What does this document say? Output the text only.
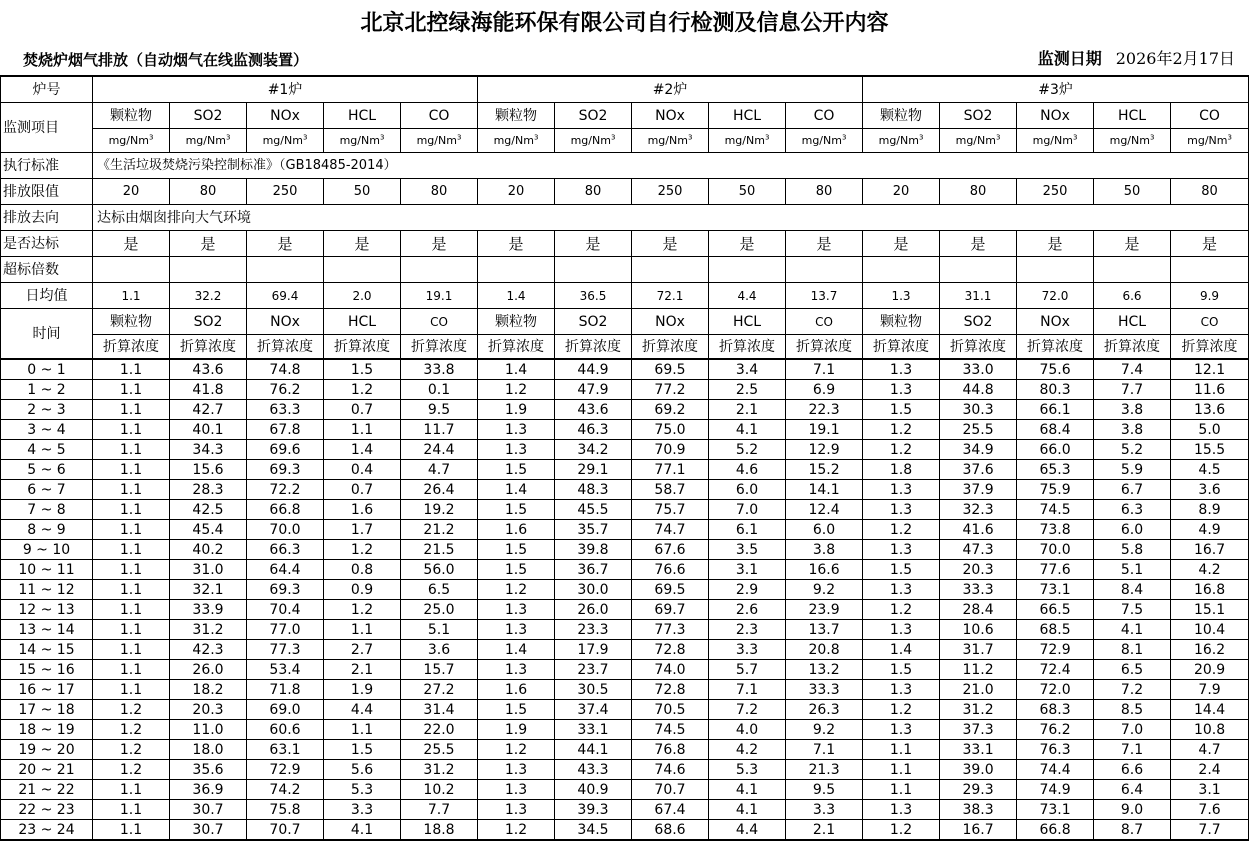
北京北控绿海能环保有限公司自行检测及信息公开内容
焚烧炉烟气排放（自动烟气在线监测装置）	监测日期 2026年2月17日
炉号	#1炉					#2炉					#3炉				
监测项目	颗粒物	SO2	NOx	HCL	CO	颗粒物	SO2	NOx	HCL	CO	颗粒物	SO2	NOx	HCL	CO
	mg/Nm$^3$	mg/Nm$^3$	mg/Nm$^3$	mg/Nm$^3$	mg/Nm$^3$	mg/Nm$^3$	mg/Nm$^3$	mg/Nm$^3$	mg/Nm$^3$	mg/Nm$^3$	mg/Nm$^3$	mg/Nm$^3$	mg/Nm$^3$	mg/Nm$^3$	mg/Nm$^3$
执行标准	《生活垃圾焚烧污染控制标准》（GB18485-2014）														
排放限值	20	80	250	50	80	20	80	250	50	80	20	80	250	50	80
排放去向	达标由烟囱排向大气环境														
是否达标	是	是	是	是	是	是	是	是	是	是	是	是	是	是	是
超标倍数															
日均值	1.1	32.2	69.4	2.0	19.1	1.4	36.5	72.1	4.4	13.7	1.3	31.1	72.0	6.6	9.9
时间	颗粒物	SO2	NOx	HCL	CO	颗粒物	SO2	NOx	HCL	CO	颗粒物	SO2	NOx	HCL	CO
	折算浓度	折算浓度	折算浓度	折算浓度	折算浓度	折算浓度	折算浓度	折算浓度	折算浓度	折算浓度	折算浓度	折算浓度	折算浓度	折算浓度	折算浓度
0 ~ 1	1.1	43.6	74.8	1.5	33.8	1.4	44.9	69.5	3.4	7.1	1.3	33.0	75.6	7.4	12.1
1 ~ 2	1.1	41.8	76.2	1.2	0.1	1.2	47.9	77.2	2.5	6.9	1.3	44.8	80.3	7.7	11.6
2 ~ 3	1.1	42.7	63.3	0.7	9.5	1.9	43.6	69.2	2.1	22.3	1.5	30.3	66.1	3.8	13.6
3 ~ 4	1.1	40.1	67.8	1.1	11.7	1.3	46.3	75.0	4.1	19.1	1.2	25.5	68.4	3.8	5.0
4 ~ 5	1.1	34.3	69.6	1.4	24.4	1.3	34.2	70.9	5.2	12.9	1.2	34.9	66.0	5.2	15.5
5 ~ 6	1.1	15.6	69.3	0.4	4.7	1.5	29.1	77.1	4.6	15.2	1.8	37.6	65.3	5.9	4.5
6 ~ 7	1.1	28.3	72.2	0.7	26.4	1.4	48.3	58.7	6.0	14.1	1.3	37.9	75.9	6.7	3.6
7 ~ 8	1.1	42.5	66.8	1.6	19.2	1.5	45.5	75.7	7.0	12.4	1.3	32.3	74.5	6.3	8.9
8 ~ 9	1.1	45.4	70.0	1.7	21.2	1.6	35.7	74.7	6.1	6.0	1.2	41.6	73.8	6.0	4.9
9 ~ 10	1.1	40.2	66.3	1.2	21.5	1.5	39.8	67.6	3.5	3.8	1.3	47.3	70.0	5.8	16.7
10 ~ 11	1.1	31.0	64.4	0.8	56.0	1.5	36.7	76.6	3.1	16.6	1.5	20.3	77.6	5.1	4.2
11 ~ 12	1.1	32.1	69.3	0.9	6.5	1.2	30.0	69.5	2.9	9.2	1.3	33.3	73.1	8.4	16.8
12 ~ 13	1.1	33.9	70.4	1.2	25.0	1.3	26.0	69.7	2.6	23.9	1.2	28.4	66.5	7.5	15.1
13 ~ 14	1.1	31.2	77.0	1.1	5.1	1.3	23.3	77.3	2.3	13.7	1.3	10.6	68.5	4.1	10.4
14 ~ 15	1.1	42.3	77.3	2.7	3.6	1.4	17.9	72.8	3.3	20.8	1.4	31.7	72.9	8.1	16.2
15 ~ 16	1.1	26.0	53.4	2.1	15.7	1.3	23.7	74.0	5.7	13.2	1.5	11.2	72.4	6.5	20.9
16 ~ 17	1.1	18.2	71.8	1.9	27.2	1.6	30.5	72.8	7.1	33.3	1.3	21.0	72.0	7.2	7.9
17 ~ 18	1.2	20.3	69.0	4.4	31.4	1.5	37.4	70.5	7.2	26.3	1.2	31.2	68.3	8.5	14.4
18 ~ 19	1.2	11.0	60.6	1.1	22.0	1.9	33.1	74.5	4.0	9.2	1.3	37.3	76.2	7.0	10.8
19 ~ 20	1.2	18.0	63.1	1.5	25.5	1.2	44.1	76.8	4.2	7.1	1.1	33.1	76.3	7.1	4.7
20 ~ 21	1.2	35.6	72.9	5.6	31.2	1.3	43.3	74.6	5.3	21.3	1.1	39.0	74.4	6.6	2.4
21 ~ 22	1.1	36.9	74.2	5.3	10.2	1.3	40.9	70.7	4.1	9.5	1.1	29.3	74.9	6.4	3.1
22 ~ 23	1.1	30.7	75.8	3.3	7.7	1.3	39.3	67.4	4.1	3.3	1.3	38.3	73.1	9.0	7.6
23 ~ 24	1.1	30.7	70.7	4.1	18.8	1.2	34.5	68.6	4.4	2.1	1.2	16.7	66.8	8.7	7.7
